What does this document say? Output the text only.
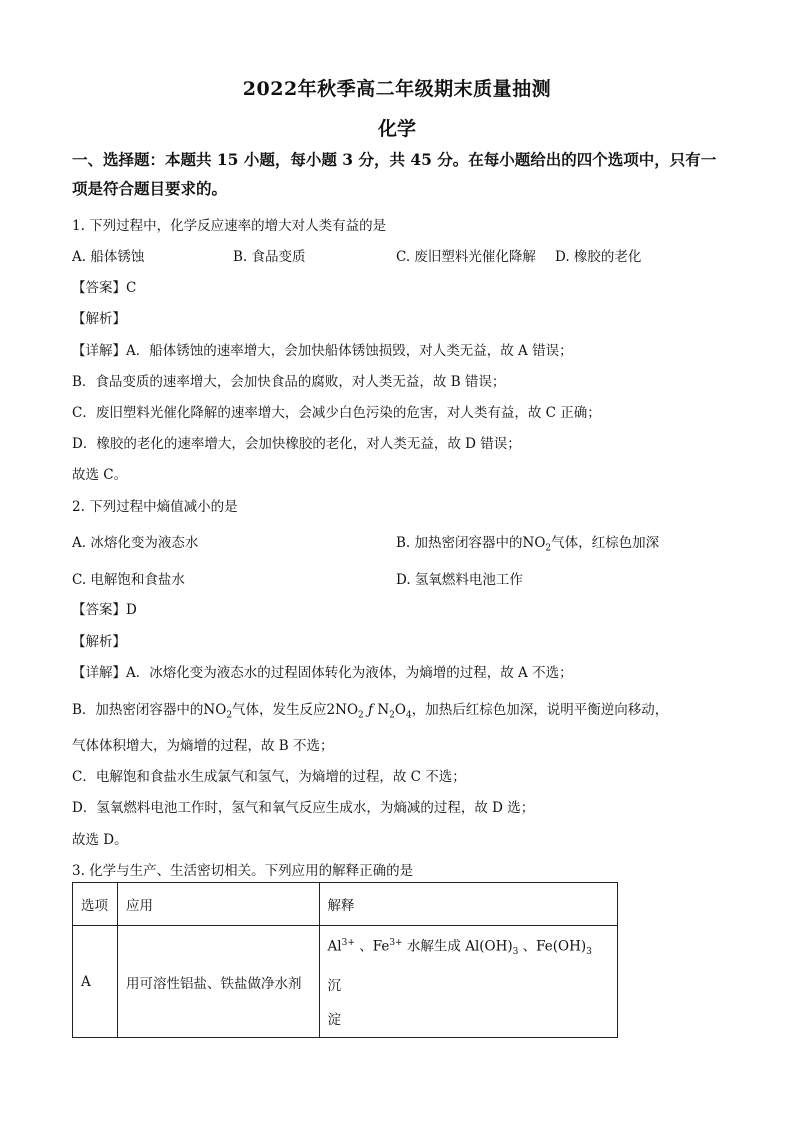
2022年秋季高二年级期末质量抽测
化学
一、选择题：本题共 15 小题，每小题 3 分，共 45 分。在每小题给出的四个选项中，只有一
项是符合题目要求的。
1. 下列过程中，化学反应速率的增大对人类有益的是
A. 船体锈蚀	B. 食品变质	C. 废旧塑料光催化降解 D. 橡胶的老化
【答案】C
【解析】
【详解】A．船体锈蚀的速率增大，会加快船体锈蚀损毁，对人类无益，故 A 错误；
B．食品变质的速率增大，会加快食品的腐败，对人类无益，故 B 错误；
C．废旧塑料光催化降解的速率增大，会减少白色污染的危害，对人类有益，故 C 正确；
D．橡胶的老化的速率增大，会加快橡胶的老化，对人类无益，故 D 错误；
故选 C。
2. 下列过程中熵值减小的是
A. 冰熔化变为液态水	B. 加热密闭容器中的$NO_2$气体，红棕色加深
C. 电解饱和食盐水	D. 氢氧燃料电池工作
【答案】D
【解析】
【详解】A．冰熔化变为液态水的过程固体转化为液体，为熵增的过程，故 A 不选；
B．加热密闭容器中的$NO_2$气体，发生反应$2NO_2$ ƒ $N_2O_4$，加热后红棕色加深，说明平衡逆向移动，
气体体积增大，为熵增的过程，故 B 不选；
C．电解饱和食盐水生成氯气和氢气，为熵增的过程，故 C 不选；
D．氢氧燃料电池工作时，氢气和氧气反应生成水，为熵减的过程，故 D 选；
故选 D。
3. 化学与生产、生活密切相关。下列应用的解释正确的是
选项	应用	解释
A	用可溶性铝盐、铁盐做净水剂	$Al^{3+}$ 、$Fe^{3+}$ 水解生成 $Al(OH)_3$ 、$Fe(OH)_3$ 沉
淀
